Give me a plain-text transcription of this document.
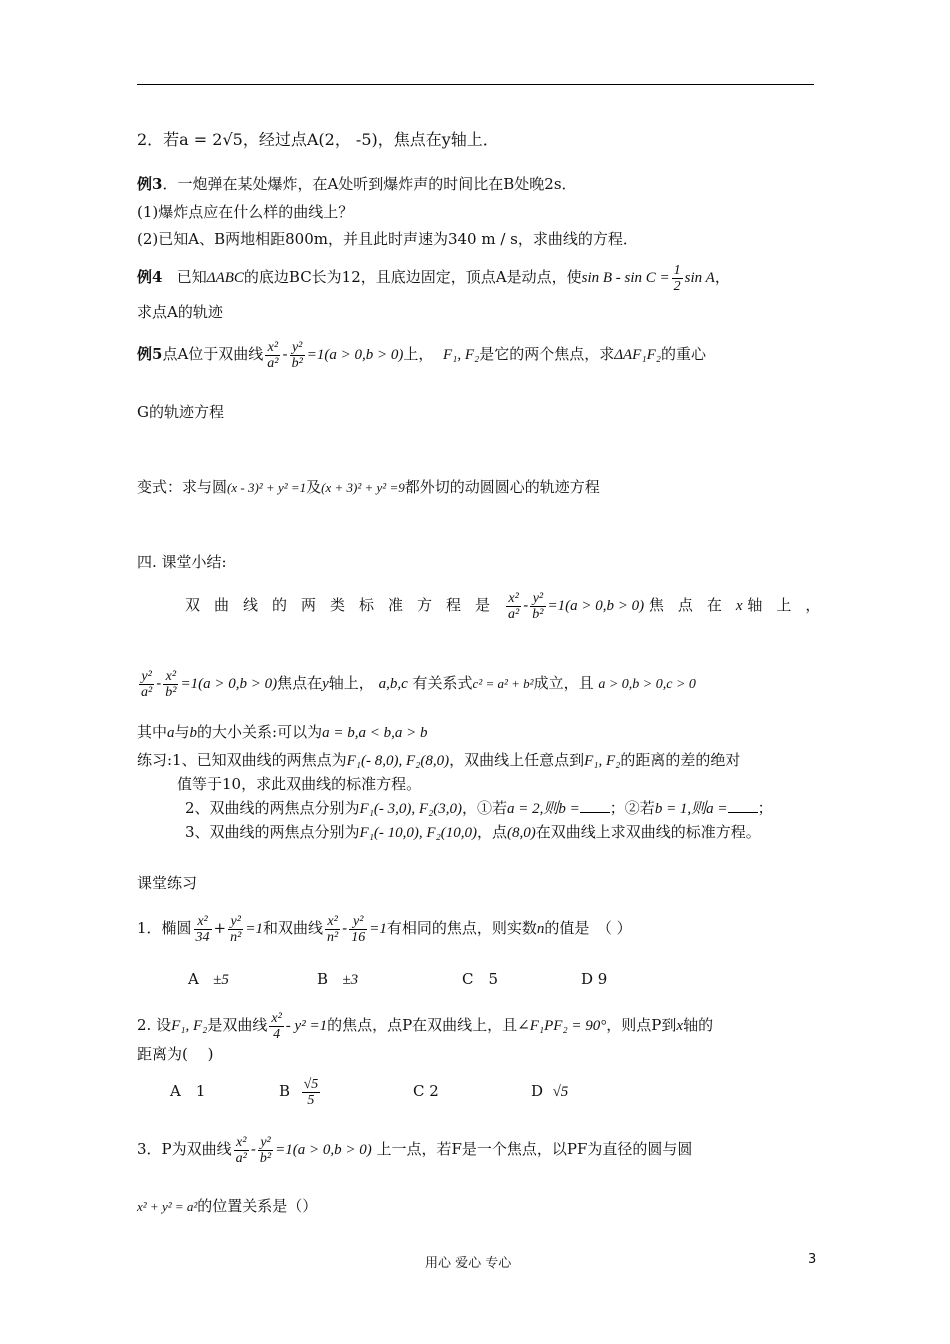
2．若a = 2√5，经过点A(2， -5)，焦点在y轴上．
例3．一炮弹在某处爆炸，在A处听到爆炸声的时间比在B处晚2s．
(1)爆炸点应在什么样的曲线上？
(2)已知A、B两地相距800m，并且此时声速为340 m / s，求曲线的方程．
例4 已知ΔABC的底边BC长为12，且底边固定，顶点A是动点，使$\sin B - \sin C = \frac{1}{2}$ sin A，
求点A的轨迹
例5点A位于双曲线 $\frac{\text{x²}}{\text{a²}} - \frac{\text{y²}}{\text{b²}} =1(a > 0,b > 0)$上， F₁, F₂是它的两个焦点，求ΔAF₁F₂的重心
G的轨迹方程
变式：求与圆(x - 3)² + y² =1及(x + 3)² + y² =9都外切的动圆圆心的轨迹方程
四. 课堂小结:
双曲线的两类标准方程是 $\frac{\text{x²}}{\text{a²}} - \frac{\text{y²}}{\text{b²}} =1(a > 0,b > 0)$ 焦点在x 轴上，
$\frac{\text{y²}}{\text{a²}} - \frac{\text{x²}}{\text{b²}} =1(a > 0,b > 0)$焦点在y轴上， a,b,c 有关系式c² = a² + b²成立，且 a > 0,b > 0,c > 0
其中a与b的大小关系:可以为a = b,a < b,a > b
练习:1、已知双曲线的两焦点为F₁(- 8,0), F₂(8,0)，双曲线上任意点到F₁, F₂的距离的差的绝对
值等于10，求此双曲线的标准方程。
2、双曲线的两焦点分别为F₁(- 3,0), F₂(3,0)，①若a = 2,则b = ；②若b = 1,则a = ；
3、双曲线的两焦点分别为F₁(- 10,0), F₂(10,0)，点(8,0)在双曲线上求双曲线的标准方程。
课堂练习
1．椭圆 $\frac{\text{x²}}{34} + \frac{\text{y²}}{\text{n²}} =1$和双曲线 $\frac{\text{x²}}{\text{n²}} - \frac{\text{y²}}{16} =1$有相同的焦点，则实数n的值是　（ ）
A ±5	B ±3	C　5	D 9
2. 设F₁, F₂是双曲线 $\frac{\text{x²}}{4} - y^2 =1$的焦点，点P在双曲线上，且∠F₁PF₂ = 90°，则点P到x轴的
距离为(　 )
A　1	B $\frac{√5}{5}$	C 2	D √5
3．P为双曲线 $\frac{\text{x²}}{\text{a²}} - \frac{\text{y²}}{\text{b²}} =1(a > 0,b > 0)$ 上一点，若F是一个焦点，以PF为直径的圆与圆
x² + y² = a²的位置关系是（）
用心 爱心 专心	3
